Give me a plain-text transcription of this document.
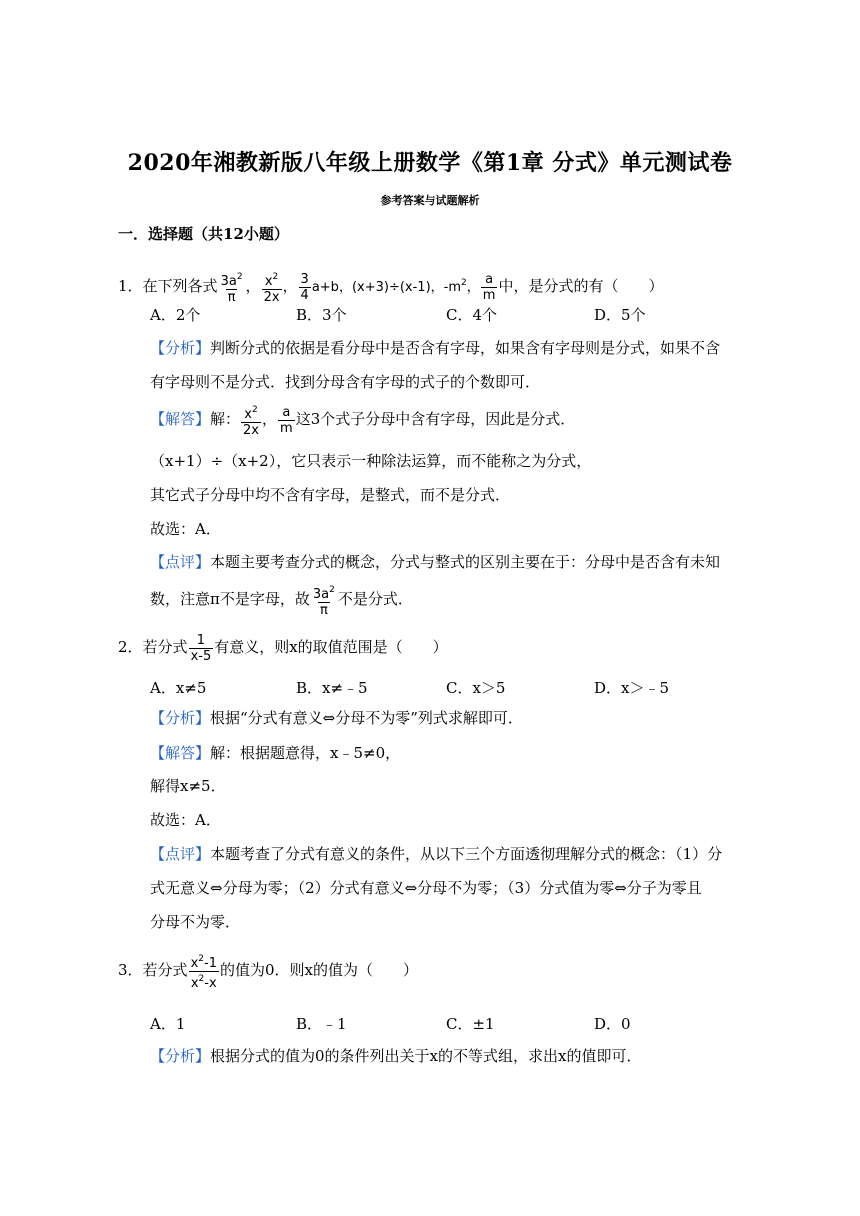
2020年湘教新版八年级上册数学《第1章 分式》单元测试卷
参考答案与试题解析
一．选择题（共12小题）
1．在下列各式 $\frac{3a^2}{\pi}$ ， $\frac{x^2}{2x}$ ， $\frac{3}{4} a+b$，(x+3)÷(x-1)，$-m^2$， $\frac{a}{m}$ 中，是分式的有（　　）
A．2个	B．3个	C．4个	D．5个
【分析】判断分式的依据是看分母中是否含有字母，如果含有字母则是分式，如果不含
有字母则不是分式．找到分母含有字母的式子的个数即可．
【解答】解： $\frac{x^2}{2x}$ ， $\frac{a}{m}$ 这3个式子分母中含有字母，因此是分式．
（x+1）÷（x+2），它只表示一种除法运算，而不能称之为分式，
其它式子分母中均不含有字母，是整式，而不是分式．
故选：A．
【点评】本题主要考查分式的概念，分式与整式的区别主要在于：分母中是否含有未知
数，注意π不是字母，故 $\frac{3a^2}{\pi}$ 不是分式．
2．若分式 $\frac{1}{x-5}$ 有意义，则x的取值范围是（　　）
A．x≠5	B．x≠﹣5	C．x＞5	D．x＞﹣5
【分析】根据“分式有意义⇔分母不为零”列式求解即可．
【解答】解：根据题意得，x﹣5≠0，
解得x≠5．
故选：A．
【点评】本题考查了分式有意义的条件，从以下三个方面透彻理解分式的概念：（1）分
式无意义⇔分母为零；（2）分式有意义⇔分母不为零；（3）分式值为零⇔分子为零且
分母不为零．
3．若分式 $\frac{x^2-1}{x^2-x}$ 的值为0．则x的值为（　　）
A．1	B．﹣1	C．±1	D．0
【分析】根据分式的值为0的条件列出关于x的不等式组，求出x的值即可．
